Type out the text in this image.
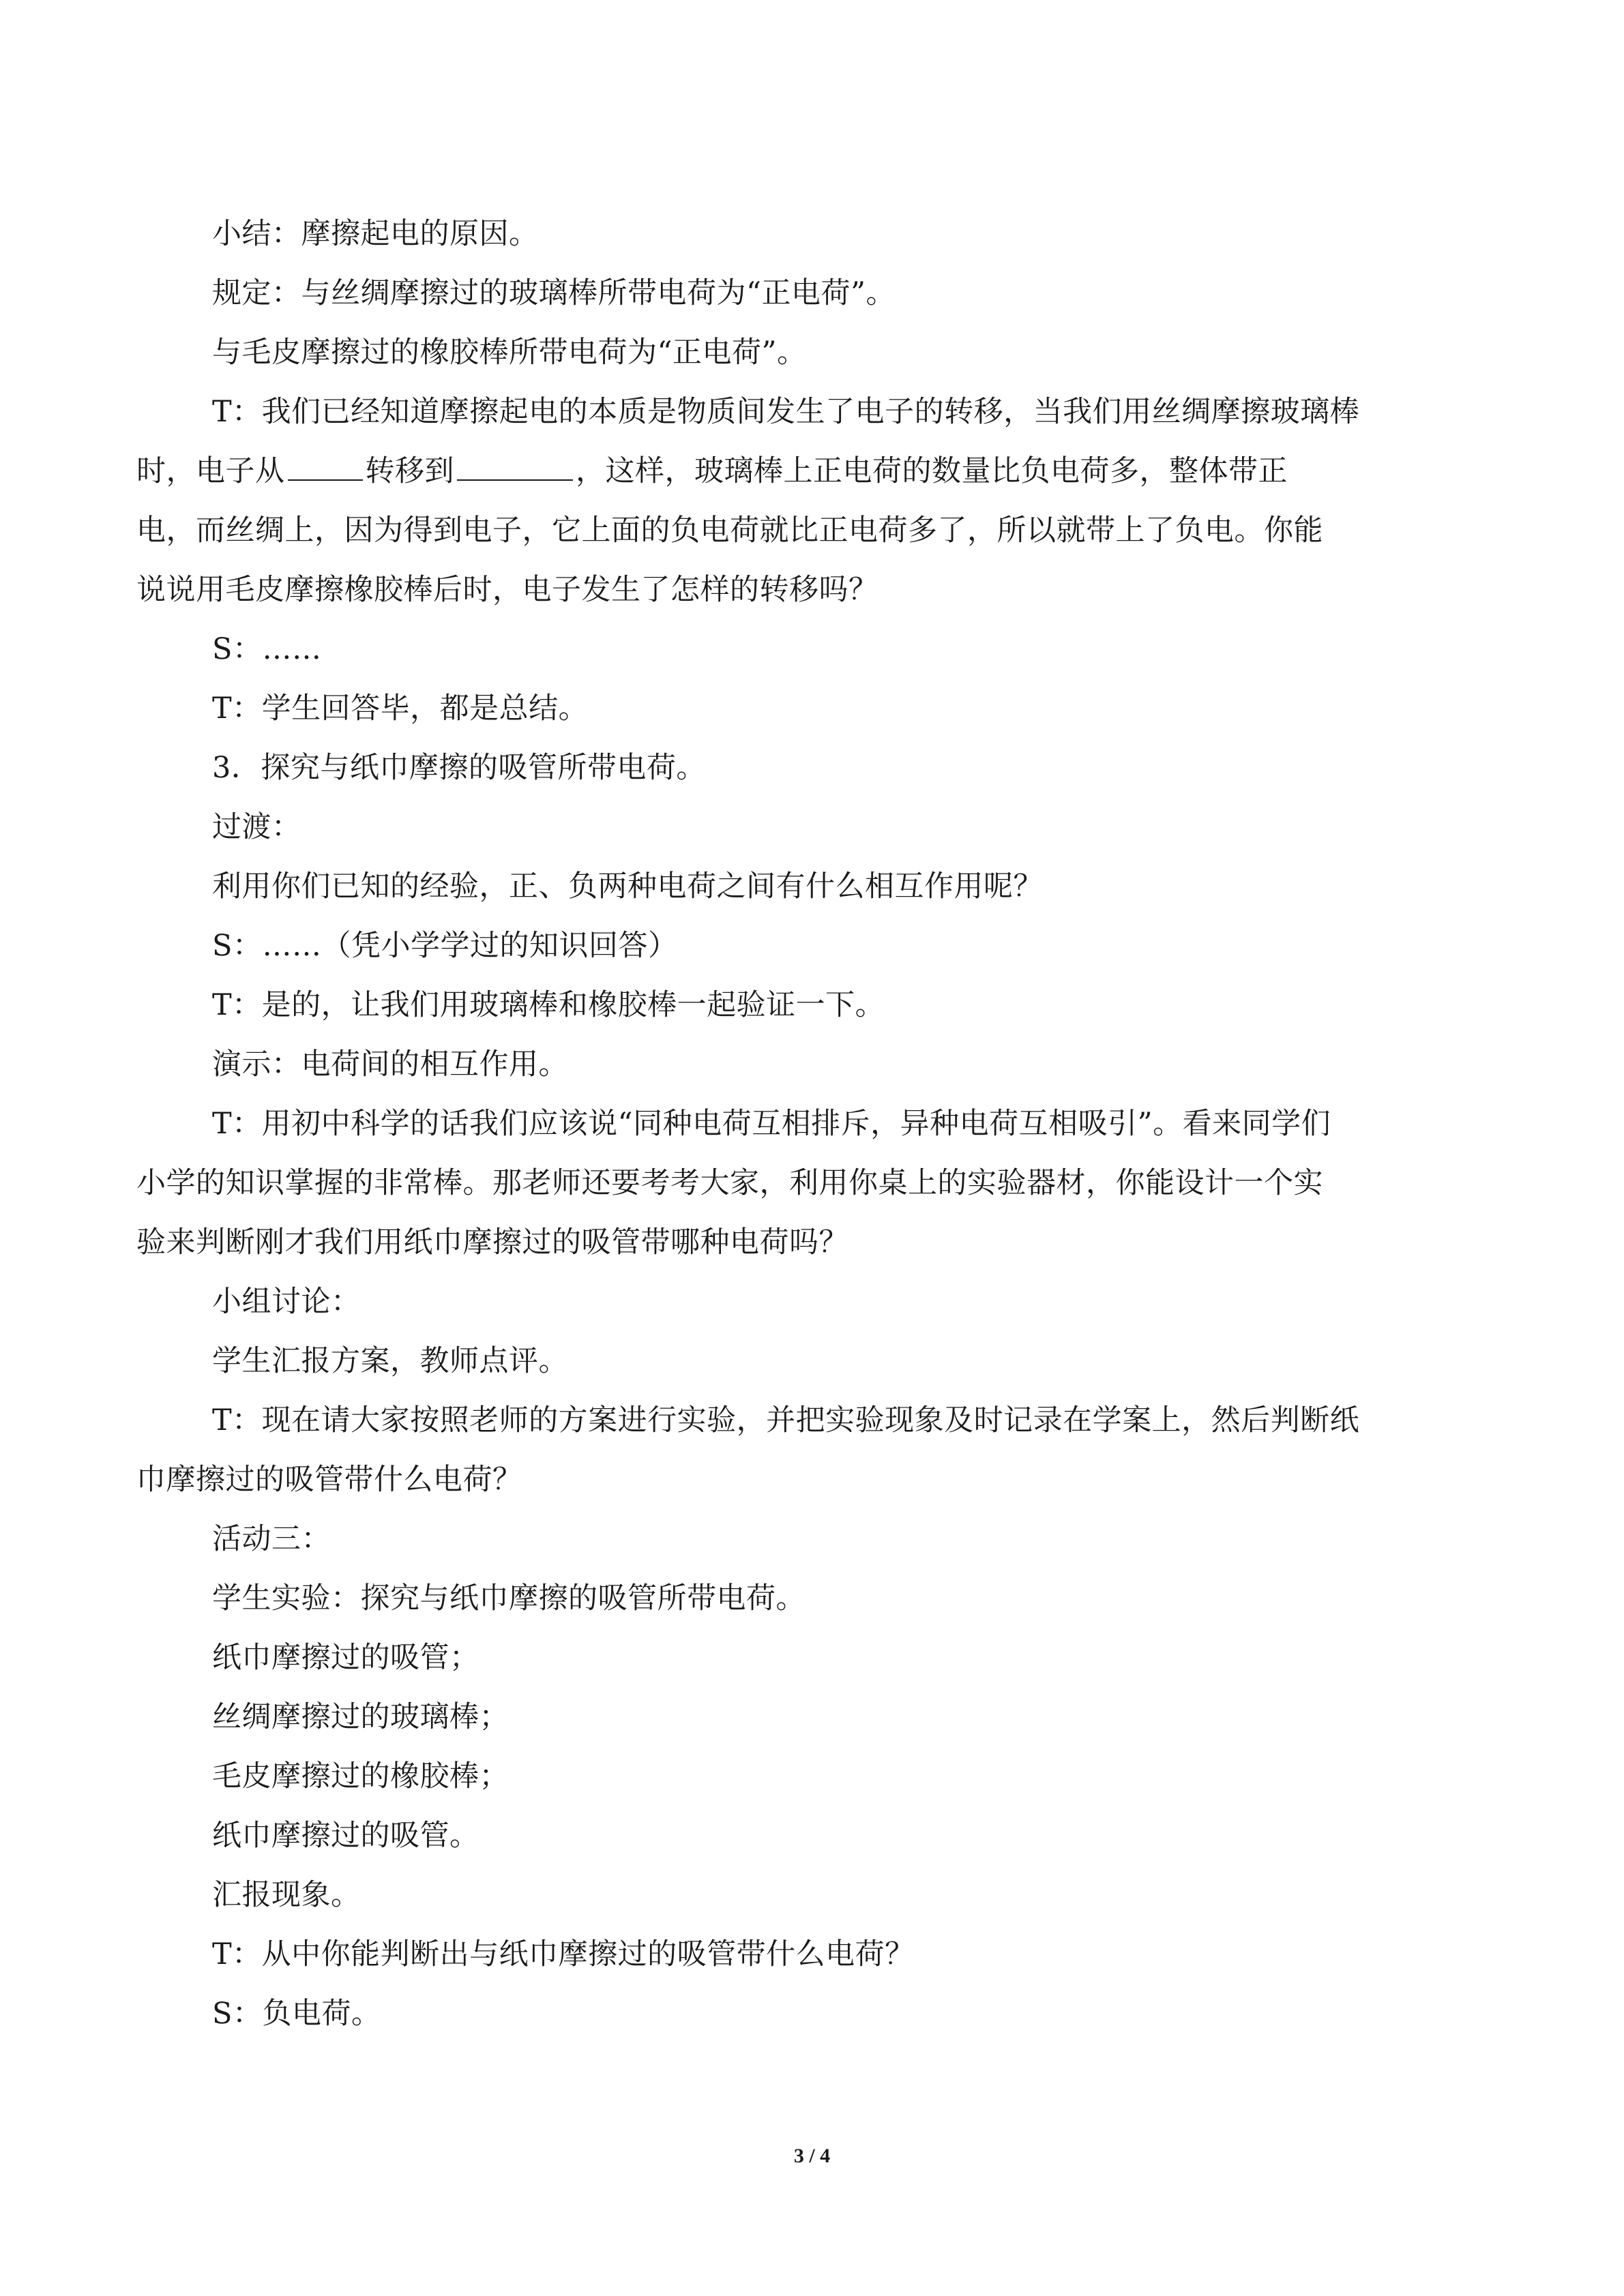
小结：摩擦起电的原因。
规定：与丝绸摩擦过的玻璃棒所带电荷为“正电荷”。
与毛皮摩擦过的橡胶棒所带电荷为“正电荷”。
T：我们已经知道摩擦起电的本质是物质间发生了电子的转移，当我们用丝绸摩擦玻璃棒
时，电子从	转移到	，这样，玻璃棒上正电荷的数量比负电荷多，整体带正
电，而丝绸上，因为得到电子，它上面的负电荷就比正电荷多了，所以就带上了负电。你能
说说用毛皮摩擦橡胶棒后时，电子发生了怎样的转移吗？
S：……
T：学生回答毕，都是总结。
3．探究与纸巾摩擦的吸管所带电荷。
过渡：
利用你们已知的经验，正、负两种电荷之间有什么相互作用呢？
S：……（凭小学学过的知识回答）
T：是的，让我们用玻璃棒和橡胶棒一起验证一下。
演示：电荷间的相互作用。
T：用初中科学的话我们应该说“同种电荷互相排斥，异种电荷互相吸引”。看来同学们
小学的知识掌握的非常棒。那老师还要考考大家，利用你桌上的实验器材，你能设计一个实
验来判断刚才我们用纸巾摩擦过的吸管带哪种电荷吗？
小组讨论：
学生汇报方案，教师点评。
T：现在请大家按照老师的方案进行实验，并把实验现象及时记录在学案上，然后判断纸
巾摩擦过的吸管带什么电荷？
活动三：
学生实验：探究与纸巾摩擦的吸管所带电荷。
纸巾摩擦过的吸管；
丝绸摩擦过的玻璃棒；
毛皮摩擦过的橡胶棒；
纸巾摩擦过的吸管。
汇报现象。
T：从中你能判断出与纸巾摩擦过的吸管带什么电荷？
S：负电荷。
3 / 4
